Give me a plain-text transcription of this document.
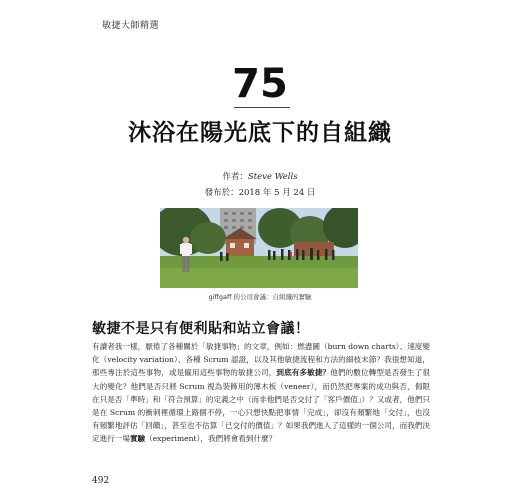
敏捷大師精選
75
沐浴在陽光底下的自組織
作者：Steve Wells
發布於：2018 年 5 月 24 日
giffgaff 的公司會議：自組織的實驗
敏捷不是只有便利貼和站立會議！
有讀者我一樣，厭倦了各種關於「敏捷事物」的文章，例如：燃盡圖（burn down charts）、速度變化（velocity variation）、各種 Scrum 認證，以及其他敏捷流程和方法的細枝末節？我很想知道，那些專注於這些事物，或是僱用這些事物的敏捷公司，到底有多敏捷？他們的數位轉型是否發生了很大的變化？他們是否只將 Scrum 視為裝飾用的薄木板（veneer），而仍然把專案的成功與否，侷限在只是否「準時」和「符合預算」的定義之中（而非他們是否交付了「客戶價值」）？又或者，他們只是在 Scrum 的衝刺裡循環上路個不停，一心只想快點把事情「完成」，卻沒有頻繁地「交付」，也沒有頻繁地評估「回饋」，甚至也不估算「已交付的價值」？如果我們進入了這樣的一個公司，而我們決定進行一場實驗（experiment），我們將會看到什麼？
492
